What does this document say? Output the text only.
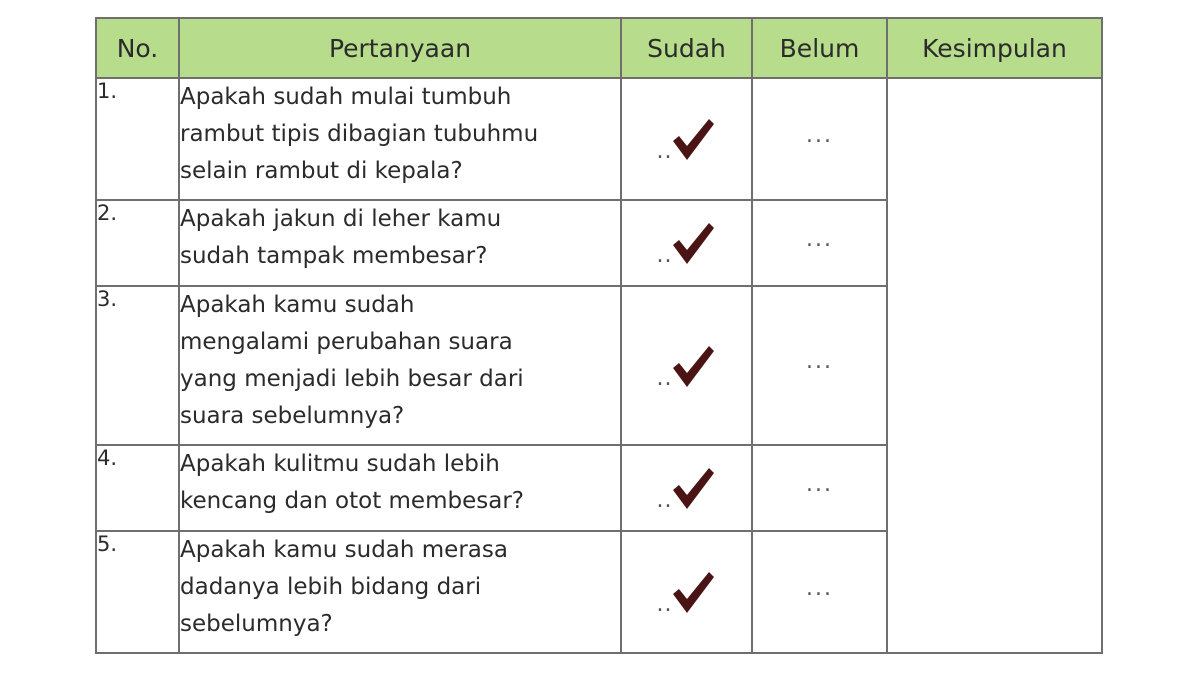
No.	Pertanyaan	Sudah	Belum	Kesimpulan
1.	Apakah sudah mulai tumbuh
rambut tipis dibagian tubuhmu
selain rambut di kepala?	..	...	
2.	Apakah jakun di leher kamu
sudah tampak membesar?	..	...	
3.	Apakah kamu sudah
mengalami perubahan suara
yang menjadi lebih besar dari
suara sebelumnya?	..	...	
4.	Apakah kulitmu sudah lebih
kencang dan otot membesar?	..	...	
5.	Apakah kamu sudah merasa
dadanya lebih bidang dari
sebelumnya?	..	...	
